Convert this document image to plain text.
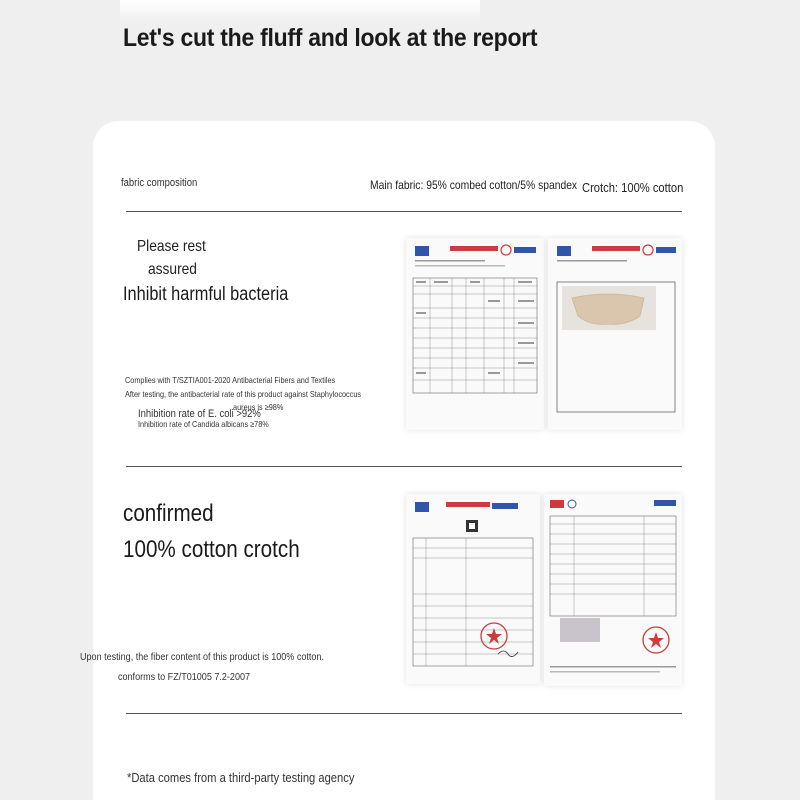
Let's cut the fluff and look at the report
fabric composition	Main fabric: 95% combed cotton/5% spandex Crotch: 100% cotton
Please rest
assured
Inhibit harmful bacteria
Complies with T/SZTIA001-2020 Antibacterial Fibers and Textiles
After testing, the antibacterial rate of this product against Staphylococcus
aureus is ≥98%
Inhibition rate of E. coli >92%
Inhibition rate of Candida albicans ≥78%
confirmed
100% cotton crotch
Upon testing, the fiber content of this product is 100% cotton.
conforms to FZ/T01005 7.2-2007
*Data comes from a third-party testing agency
